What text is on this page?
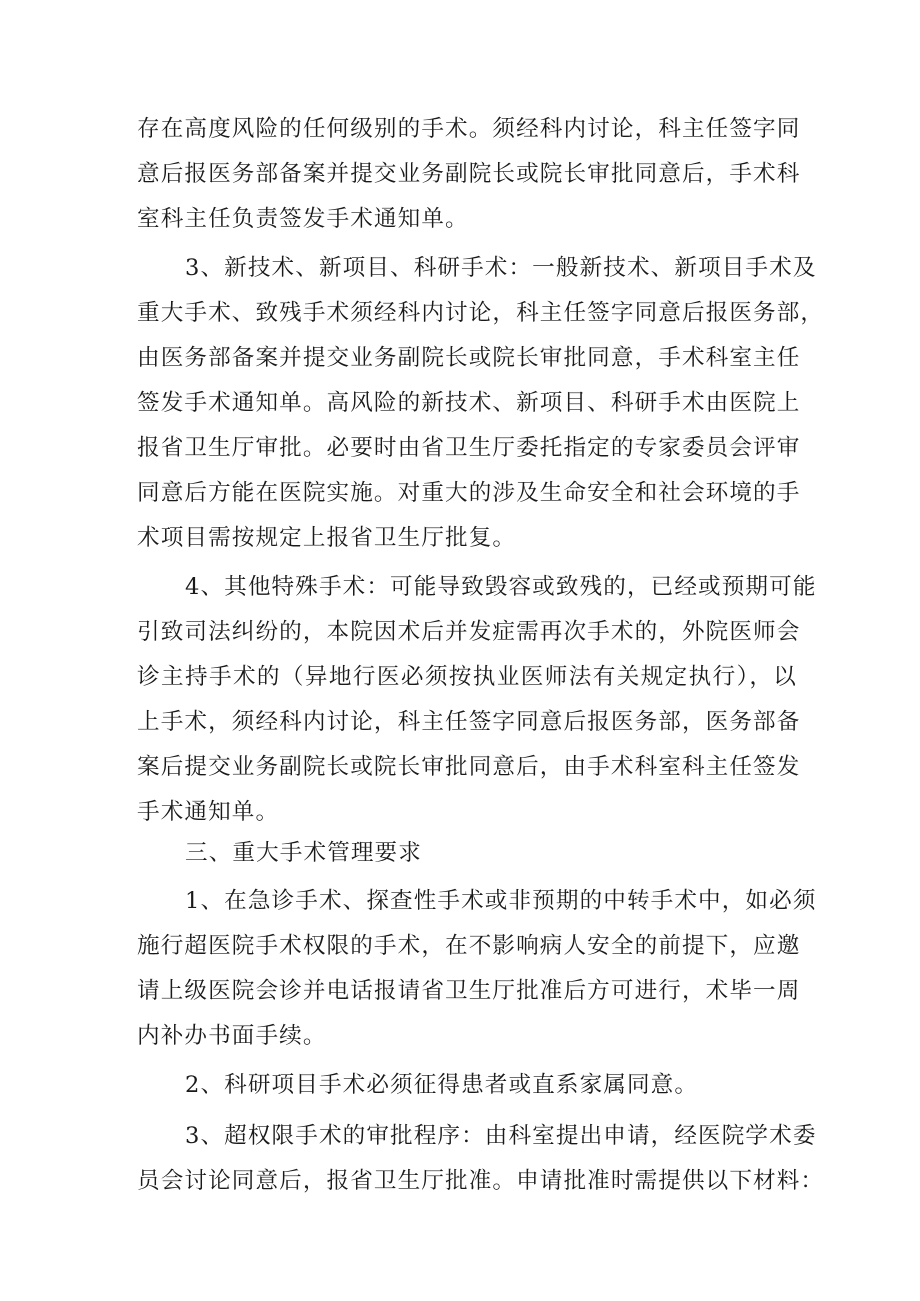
存在高度风险的任何级别的手术。须经科内讨论，科主任签字同
意后报医务部备案并提交业务副院长或院长审批同意后，手术科
室科主任负责签发手术通知单。
3、新技术、新项目、科研手术：一般新技术、新项目手术及
重大手术、致残手术须经科内讨论，科主任签字同意后报医务部，
由医务部备案并提交业务副院长或院长审批同意，手术科室主任
签发手术通知单。高风险的新技术、新项目、科研手术由医院上
报省卫生厅审批。必要时由省卫生厅委托指定的专家委员会评审
同意后方能在医院实施。对重大的涉及生命安全和社会环境的手
术项目需按规定上报省卫生厅批复。
4、其他特殊手术：可能导致毁容或致残的，已经或预期可能
引致司法纠纷的，本院因术后并发症需再次手术的，外院医师会
诊主持手术的（异地行医必须按执业医师法有关规定执行），以
上手术，须经科内讨论，科主任签字同意后报医务部，医务部备
案后提交业务副院长或院长审批同意后，由手术科室科主任签发
手术通知单。
三、重大手术管理要求
1、在急诊手术、探查性手术或非预期的中转手术中，如必须
施行超医院手术权限的手术，在不影响病人安全的前提下，应邀
请上级医院会诊并电话报请省卫生厅批准后方可进行，术毕一周
内补办书面手续。
2、科研项目手术必须征得患者或直系家属同意。
3、超权限手术的审批程序：由科室提出申请，经医院学术委
员会讨论同意后，报省卫生厅批准。申请批准时需提供以下材料：
